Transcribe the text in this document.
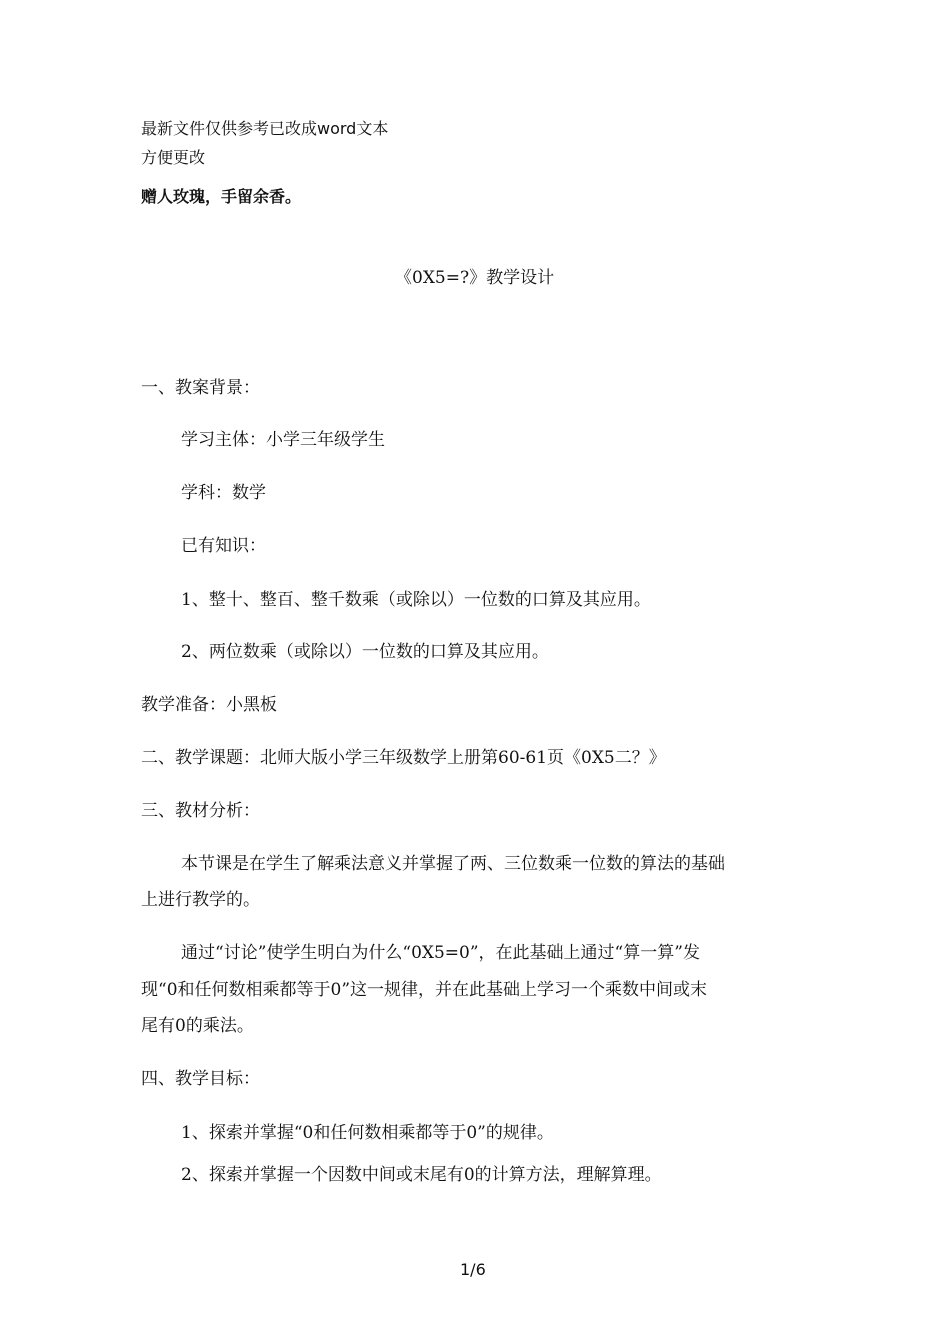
最新文件仅供参考已改成word文本
方便更改
赠人玫瑰，手留余香。
《0X5=?》教学设计
一、教案背景：
学习主体：小学三年级学生
学科：数学
已有知识：
1、整十、整百、整千数乘（或除以）一位数的口算及其应用。
2、两位数乘（或除以）一位数的口算及其应用。
教学准备：小黑板
二、教学课题：北师大版小学三年级数学上册第60-61页《0X5二？》
三、教材分析：
本节课是在学生了解乘法意义并掌握了两、三位数乘一位数的算法的基础
上进行教学的。
通过“讨论”使学生明白为什么“0X5=0”，在此基础上通过“算一算”发
现“0和任何数相乘都等于0”这一规律，并在此基础上学习一个乘数中间或末
尾有0的乘法。
四、教学目标：
1、探索并掌握“0和任何数相乘都等于0”的规律。
2、探索并掌握一个因数中间或末尾有0的计算方法，理解算理。
1/6
